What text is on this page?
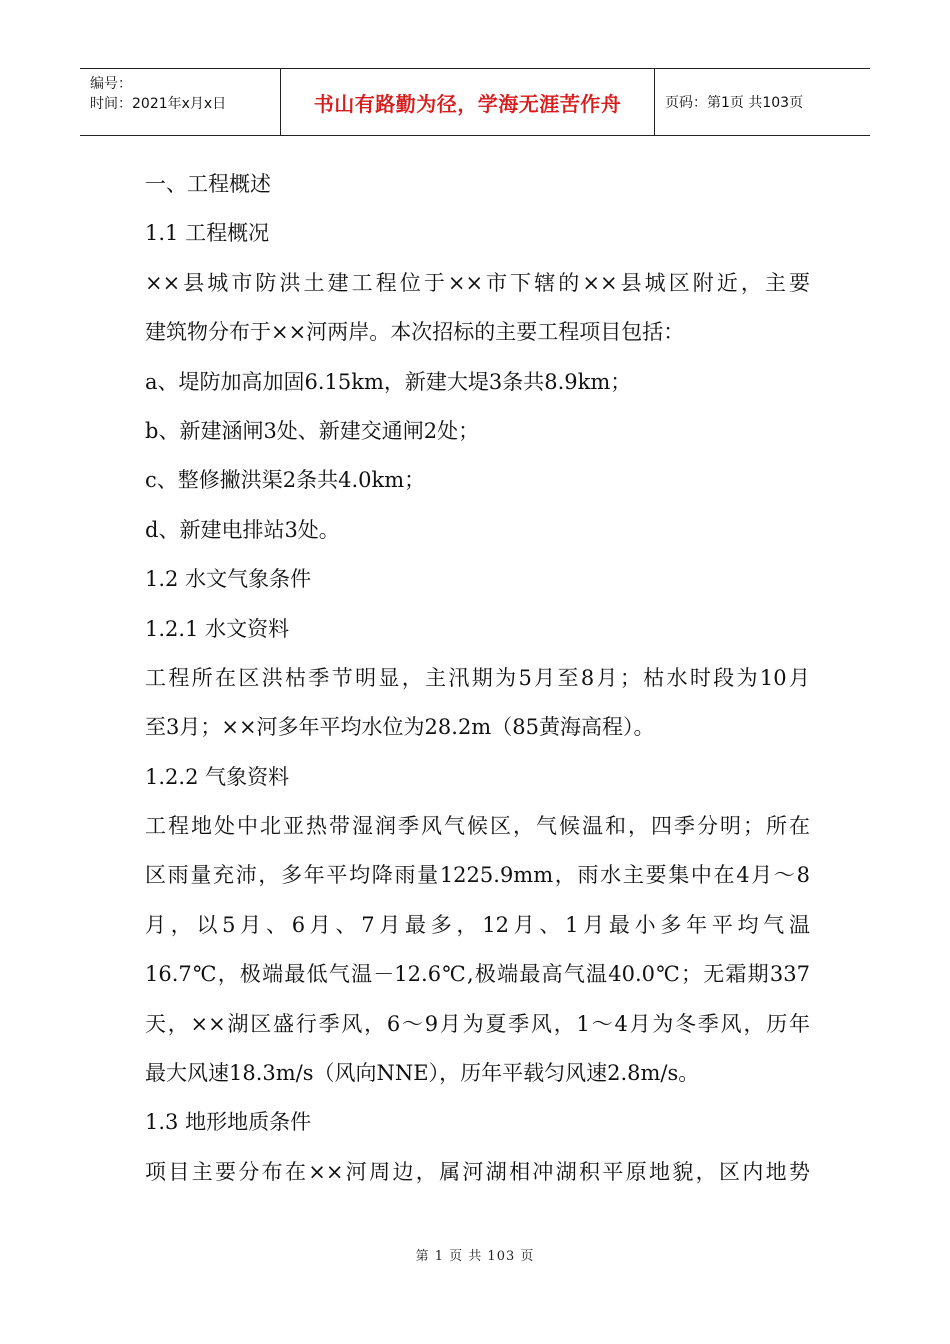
编号：
时间：2021年x月x日	书山有路勤为径，学海无涯苦作舟	页码：第1页 共103页
一、工程概述
1.1 工程概况
××县城市防洪土建工程位于××市下辖的××县城区附近，主要
建筑物分布于××河两岸。本次招标的主要工程项目包括：
a、堤防加高加固6.15km，新建大堤3条共8.9km；
b、新建涵闸3处、新建交通闸2处；
c、整修撇洪渠2条共4.0km；
d、新建电排站3处。
1.2 水文气象条件
1.2.1 水文资料
工程所在区洪枯季节明显，主汛期为5月至8月；枯水时段为10月
至3月；××河多年平均水位为28.2m（85黄海高程）。
1.2.2 气象资料
工程地处中北亚热带湿润季风气候区，气候温和，四季分明；所在
区雨量充沛，多年平均降雨量1225.9mm，雨水主要集中在4月～8
月，以5月、6月、7月最多，12月、1月最小多年平均气温
16.7℃，极端最低气温－12.6℃,极端最高气温40.0℃；无霜期337
天，××湖区盛行季风，6～9月为夏季风，1～4月为冬季风，历年
最大风速18.3m/s（风向NNE），历年平载匀风速2.8m/s。
1.3 地形地质条件
项目主要分布在××河周边，属河湖相冲湖积平原地貌，区内地势
第 1 页 共 103 页
